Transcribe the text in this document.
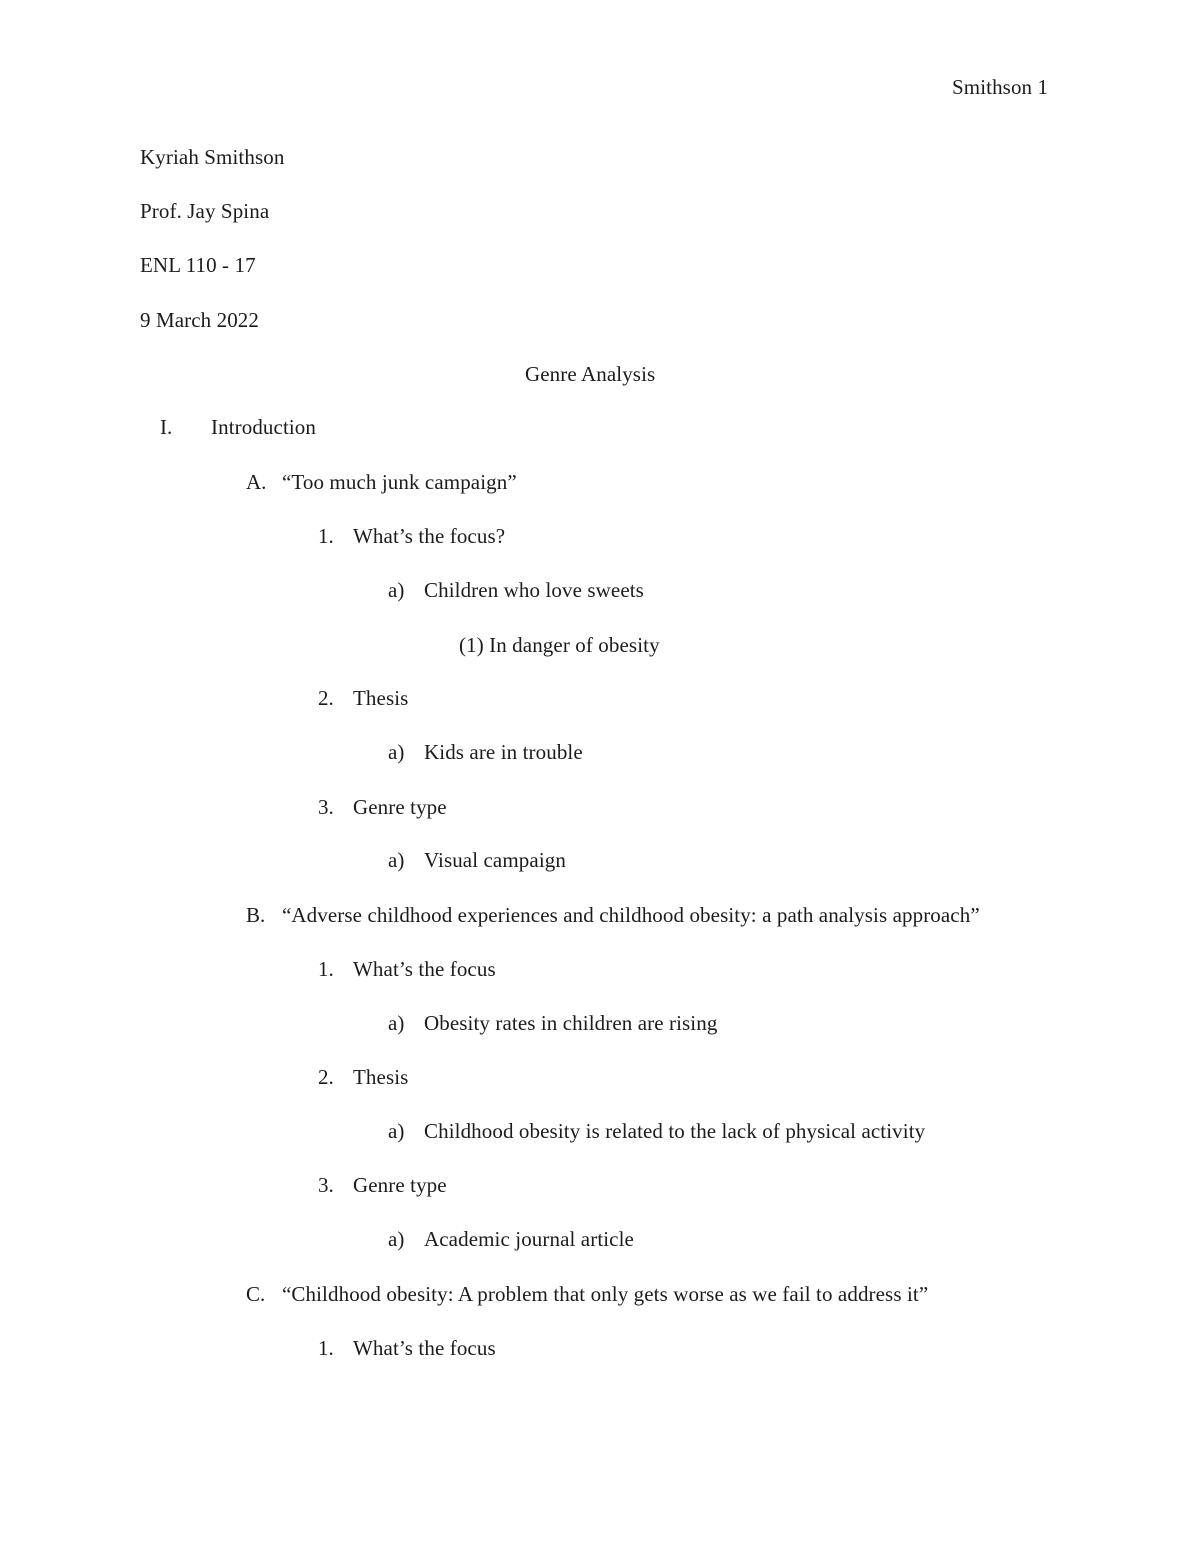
Smithson 1
Kyriah Smithson
Prof. Jay Spina
ENL 110 - 17
9 March 2022
Genre Analysis
I. Introduction
A. “Too much junk campaign”
1. What’s the focus?
a) Children who love sweets
(1) In danger of obesity
2. Thesis
a) Kids are in trouble
3. Genre type
a) Visual campaign
B. “Adverse childhood experiences and childhood obesity: a path analysis approach”
1. What’s the focus
a) Obesity rates in children are rising
2. Thesis
a) Childhood obesity is related to the lack of physical activity
3. Genre type
a) Academic journal article
C. “Childhood obesity: A problem that only gets worse as we fail to address it”
1. What’s the focus
